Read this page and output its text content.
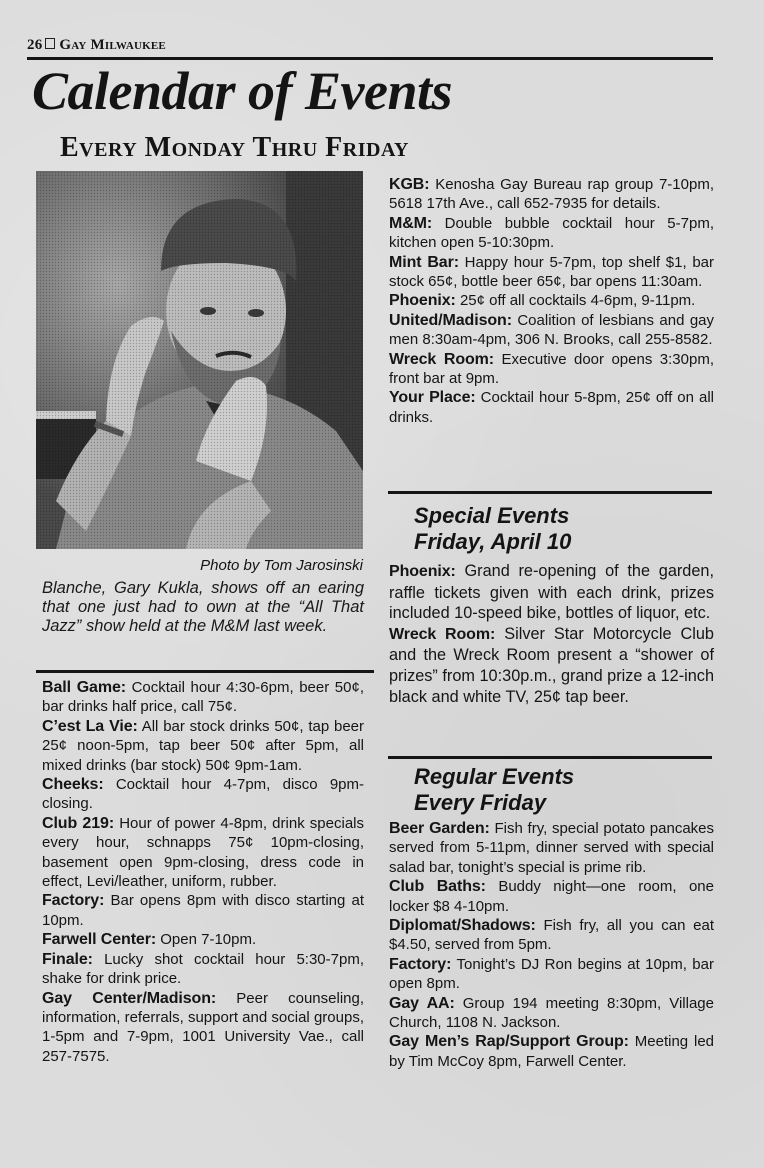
26 Gay Milwaukee
Calendar of Events
Every Monday Thru Friday
Photo by Tom Jarosinski
Blanche, Gary Kukla, shows off an earing that one just had to own at the “All That Jazz” show held at the M&M last week.

Ball Game: Cocktail hour 4:30-6pm, beer 50¢, bar drinks half price, call 75¢.

C’est La Vie: All bar stock drinks 50¢, tap beer 25¢ noon-5pm, tap beer 50¢ after 5pm, all mixed drinks (bar stock) 50¢ 9pm-1am.

Cheeks: Cocktail hour 4-7pm, disco 9pm-closing.

Club 219: Hour of power 4-8pm, drink specials every hour, schnapps 75¢ 10pm-closing, basement open 9pm-closing, dress code in effect, Levi/leather, uniform, rubber.

Factory: Bar opens 8pm with disco starting at 10pm.

Farwell Center: Open 7-10pm.

Finale: Lucky shot cocktail hour 5:30-7pm, shake for drink price.

Gay Center/Madison: Peer counseling, information, referrals, support and social groups, 1-5pm and 7-9pm, 1001 University Vae., call 257-7575.

KGB: Kenosha Gay Bureau rap group 7-10pm, 5618 17th Ave., call 652-7935 for details.

M&M: Double bubble cocktail hour 5-7pm, kitchen open 5-10:30pm.

Mint Bar: Happy hour 5-7pm, top shelf $1, bar stock 65¢, bottle beer 65¢, bar opens 11:30am.

Phoenix: 25¢ off all cocktails 4-6pm, 9-11pm.

United/Madison: Coalition of lesbians and gay men 8:30am-4pm, 306 N. Brooks, call 255-8582.

Wreck Room: Executive door opens 3:30pm, front bar at 9pm.

Your Place: Cocktail hour 5-8pm, 25¢ off on all drinks.

Special Events
Friday, April 10

Phoenix: Grand re-opening of the garden, raffle tickets given with each drink, prizes included 10-speed bike, bottles of liquor, etc.

Wreck Room: Silver Star Motorcycle Club and the Wreck Room present a “shower of prizes” from 10:30p.m., grand prize a 12-inch black and white TV, 25¢ tap beer.

Regular Events
Every Friday

Beer Garden: Fish fry, special potato pancakes served from 5-11pm, dinner served with special salad bar, tonight’s special is prime rib.

Club Baths: Buddy night—one room, one locker $8 4-10pm.

Diplomat/Shadows: Fish fry, all you can eat $4.50, served from 5pm.

Factory: Tonight’s DJ Ron begins at 10pm, bar open 8pm.

Gay AA: Group 194 meeting 8:30pm, Village Church, 1108 N. Jackson.

Gay Men’s Rap/Support Group: Meeting led by Tim McCoy 8pm, Farwell Center.
